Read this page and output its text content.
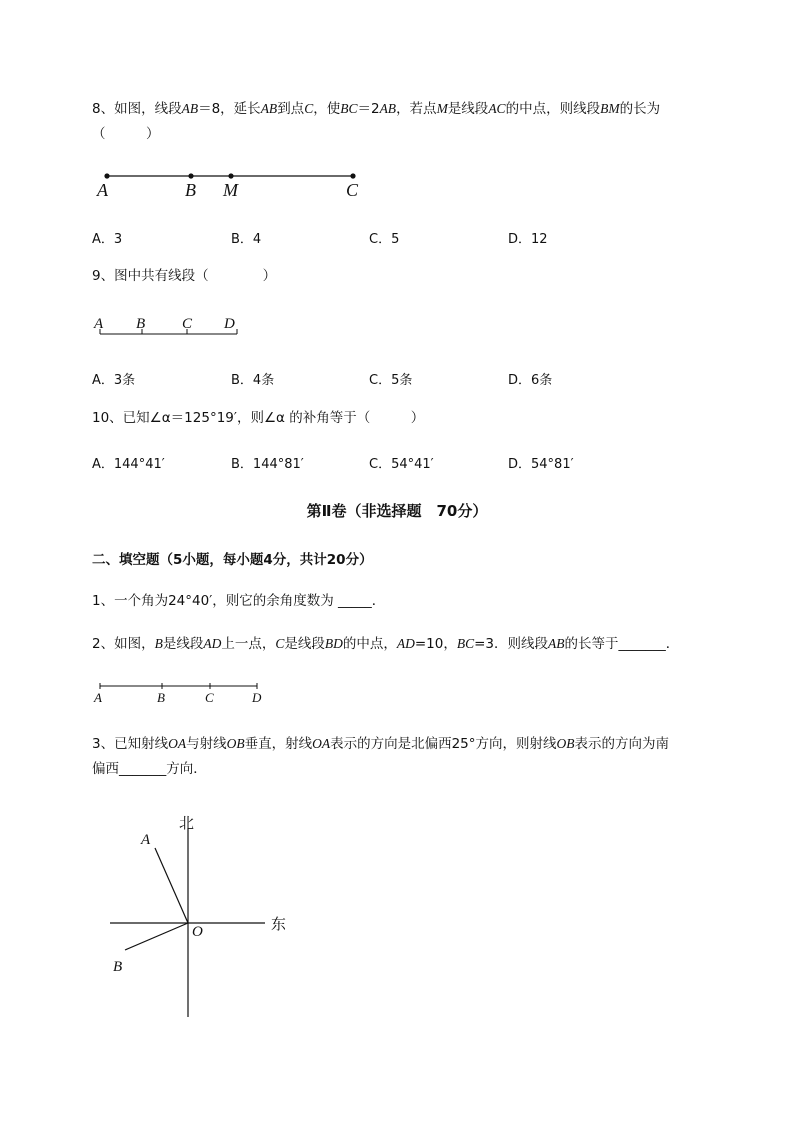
8、如图，线段AB＝8，延长AB到点C，使BC＝2AB，若点M是线段AC的中点，则线段BM的长为
（　　　）
A	B M	C
A．3	B．4	C．5	D．12
9、图中共有线段（　　　　）
A B C D
A．3条	B．4条	C．5条	D．6条
10、已知∠α＝125°19′，则∠α 的补角等于（　　　）
A．144°41′	B．144°81′	C．54°41′	D．54°81′
第Ⅱ卷（非选择题　70分）
二、填空题（5小题，每小题4分，共计20分）
1、一个角为24°40′，则它的余角度数为 _____．
2、如图，B是线段AD上一点，C是线段BD的中点，AD=10，BC=3．则线段AB的长等于_______．
A	B	C	D
3、已知射线OA与射线OB垂直，射线OA表示的方向是北偏西25°方向，则射线OB表示的方向为南
偏西_______方向．
北
东
A
O
B
